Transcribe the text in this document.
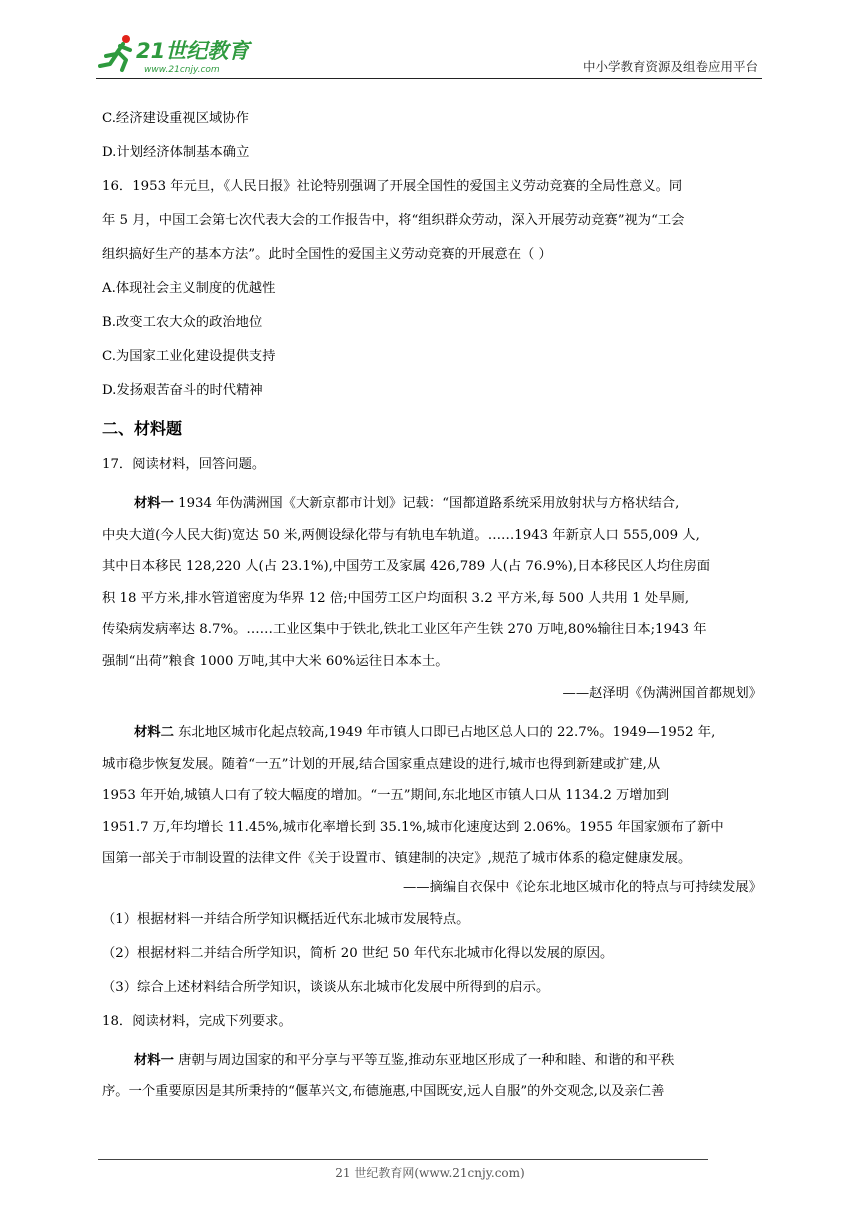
21世纪教育
www.21cnjy.com	中小学教育资源及组卷应用平台
C.经济建设重视区域协作
D.计划经济体制基本确立
16．1953 年元旦，《人民日报》社论特别强调了开展全国性的爱国主义劳动竞赛的全局性意义。同
年 5 月，中国工会第七次代表大会的工作报告中，将“组织群众劳动，深入开展劳动竞赛”视为“工会
组织搞好生产的基本方法”。此时全国性的爱国主义劳动竞赛的开展意在（ ）
A.体现社会主义制度的优越性
B.改变工农大众的政治地位
C.为国家工业化建设提供支持
D.发扬艰苦奋斗的时代精神
二、材料题
17．阅读材料，回答问题。
材料一 1934 年伪满洲国《大新京都市计划》记载：“国都道路系统采用放射状与方格状结合,
中央大道(今人民大街)宽达 50 米,两侧设绿化带与有轨电车轨道。……1943 年新京人口 555,009 人,
其中日本移民 128,220 人(占 23.1%),中国劳工及家属 426,789 人(占 76.9%),日本移民区人均住房面
积 18 平方米,排水管道密度为华界 12 倍;中国劳工区户均面积 3.2 平方米,每 500 人共用 1 处旱厕,
传染病发病率达 8.7%。……工业区集中于铁北,铁北工业区年产生铁 270 万吨,80%输往日本;1943 年
强制“出荷”粮食 1000 万吨,其中大米 60%运往日本本土。
——赵泽明《伪满洲国首都规划》
材料二 东北地区城市化起点较高,1949 年市镇人口即已占地区总人口的 22.7%。1949—1952 年,
城市稳步恢复发展。随着“一五”计划的开展,结合国家重点建设的进行,城市也得到新建或扩建,从
1953 年开始,城镇人口有了较大幅度的增加。“一五”期间,东北地区市镇人口从 1134.2 万增加到
1951.7 万,年均增长 11.45%,城市化率增长到 35.1%,城市化速度达到 2.06%。1955 年国家颁布了新中
国第一部关于市制设置的法律文件《关于设置市、镇建制的决定》,规范了城市体系的稳定健康发展。
——摘编自衣保中《论东北地区城市化的特点与可持续发展》
（1）根据材料一并结合所学知识概括近代东北城市发展特点。
（2）根据材料二并结合所学知识，简析 20 世纪 50 年代东北城市化得以发展的原因。
（3）综合上述材料结合所学知识，谈谈从东北城市化发展中所得到的启示。
18．阅读材料，完成下列要求。
材料一 唐朝与周边国家的和平分享与平等互鉴,推动东亚地区形成了一种和睦、和谐的和平秩
序。一个重要原因是其所秉持的“偃革兴文,布德施惠,中国既安,远人自服”的外交观念,以及亲仁善
21 世纪教育网(www.21cnjy.com)
